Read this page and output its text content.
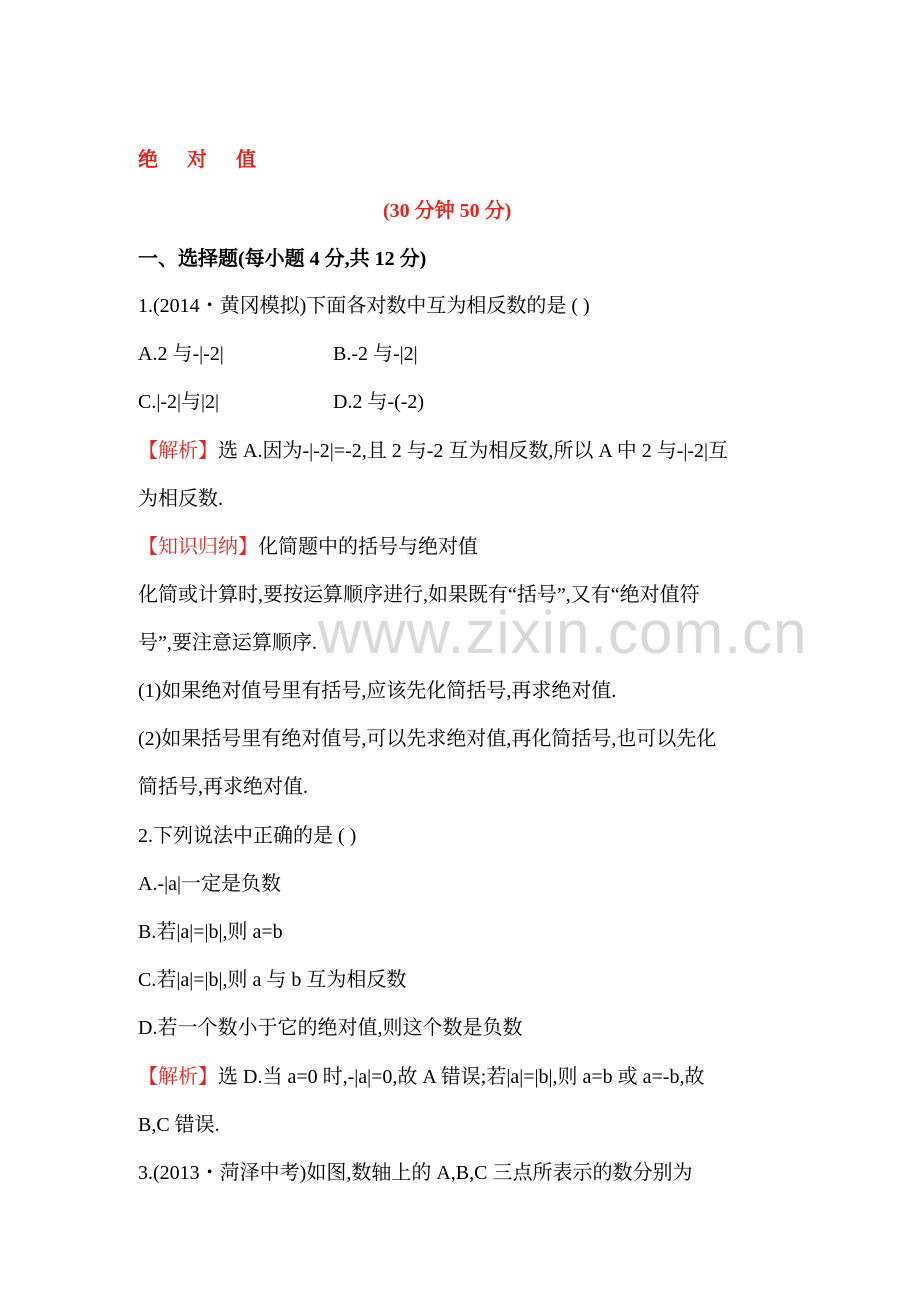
www.zixin.com.cn
绝 对 值
(30 分钟 50 分)
一、选择题(每小题 4 分,共 12 分)
1.(2014・黄冈模拟)下面各对数中互为相反数的是 ( )
A.2 与-|-2|	B.-2 与-|2|
C.|-2|与|2|	D.2 与-(-2)
【解析】选 A.因为-|-2|=-2,且 2 与-2 互为相反数,所以 A 中 2 与-|-2|互
为相反数.
【知识归纳】化简题中的括号与绝对值
化简或计算时,要按运算顺序进行,如果既有“括号”,又有“绝对值符
号”,要注意运算顺序.
(1)如果绝对值号里有括号,应该先化简括号,再求绝对值.
(2)如果括号里有绝对值号,可以先求绝对值,再化简括号,也可以先化
简括号,再求绝对值.
2.下列说法中正确的是 ( )
A.-|a|一定是负数
B.若|a|=|b|,则 a=b
C.若|a|=|b|,则 a 与 b 互为相反数
D.若一个数小于它的绝对值,则这个数是负数
【解析】选 D.当 a=0 时,-|a|=0,故 A 错误;若|a|=|b|,则 a=b 或 a=-b,故
B,C 错误.
3.(2013・菏泽中考)如图,数轴上的 A,B,C 三点所表示的数分别为
